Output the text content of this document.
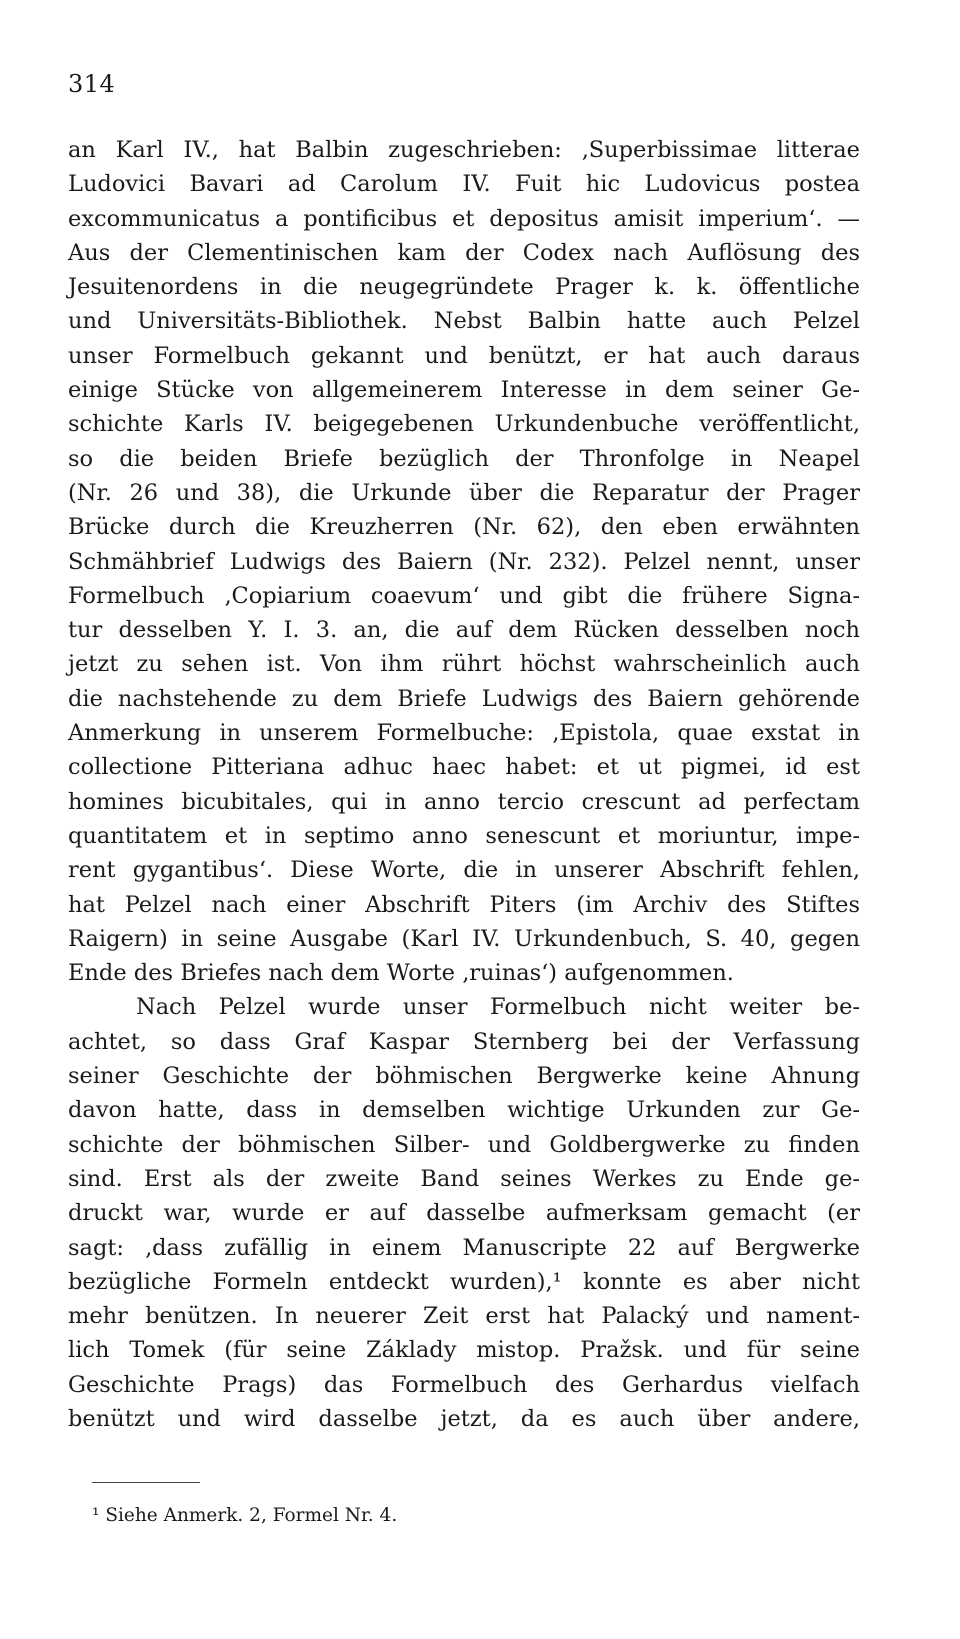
314
an Karl IV., hat Balbin zugeschrieben: ‚Superbissimae litterae
Ludovici Bavari ad Carolum IV. Fuit hic Ludovicus postea
excommunicatus a pontificibus et depositus amisit imperium‘. —
Aus der Clementinischen kam der Codex nach Auflösung des
Jesuitenordens in die neugegründete Prager k. k. öffentliche
und Universitäts-Bibliothek. Nebst Balbin hatte auch Pelzel
unser Formelbuch gekannt und benützt, er hat auch daraus
einige Stücke von allgemeinerem Interesse in dem seiner Ge-
schichte Karls IV. beigegebenen Urkundenbuche veröffentlicht,
so die beiden Briefe bezüglich der Thronfolge in Neapel
(Nr. 26 und 38), die Urkunde über die Reparatur der Prager
Brücke durch die Kreuzherren (Nr. 62), den eben erwähnten
Schmähbrief Ludwigs des Baiern (Nr. 232). Pelzel nennt, unser
Formelbuch ‚Copiarium coaevum‘ und gibt die frühere Signa-
tur desselben Y. I. 3. an, die auf dem Rücken desselben noch
jetzt zu sehen ist. Von ihm rührt höchst wahrscheinlich auch
die nachstehende zu dem Briefe Ludwigs des Baiern gehörende
Anmerkung in unserem Formelbuche: ‚Epistola, quae exstat in
collectione Pitteriana adhuc haec habet: et ut pigmei, id est
homines bicubitales, qui in anno tercio crescunt ad perfectam
quantitatem et in septimo anno senescunt et moriuntur, impe-
rent gygantibus‘. Diese Worte, die in unserer Abschrift fehlen,
hat Pelzel nach einer Abschrift Piters (im Archiv des Stiftes
Raigern) in seine Ausgabe (Karl IV. Urkundenbuch, S. 40, gegen
Ende des Briefes nach dem Worte ‚ruinas‘) aufgenommen.
Nach Pelzel wurde unser Formelbuch nicht weiter be-
achtet, so dass Graf Kaspar Sternberg bei der Verfassung
seiner Geschichte der böhmischen Bergwerke keine Ahnung
davon hatte, dass in demselben wichtige Urkunden zur Ge-
schichte der böhmischen Silber- und Goldbergwerke zu finden
sind. Erst als der zweite Band seines Werkes zu Ende ge-
druckt war, wurde er auf dasselbe aufmerksam gemacht (er
sagt: ‚dass zufällig in einem Manuscripte 22 auf Bergwerke
bezügliche Formeln entdeckt wurden),¹ konnte es aber nicht
mehr benützen. In neuerer Zeit erst hat Palacký und nament-
lich Tomek (für seine Základy mistop. Pražsk. und für seine
Geschichte Prags) das Formelbuch des Gerhardus vielfach
benützt und wird dasselbe jetzt, da es auch über andere,
¹ Siehe Anmerk. 2, Formel Nr. 4.
